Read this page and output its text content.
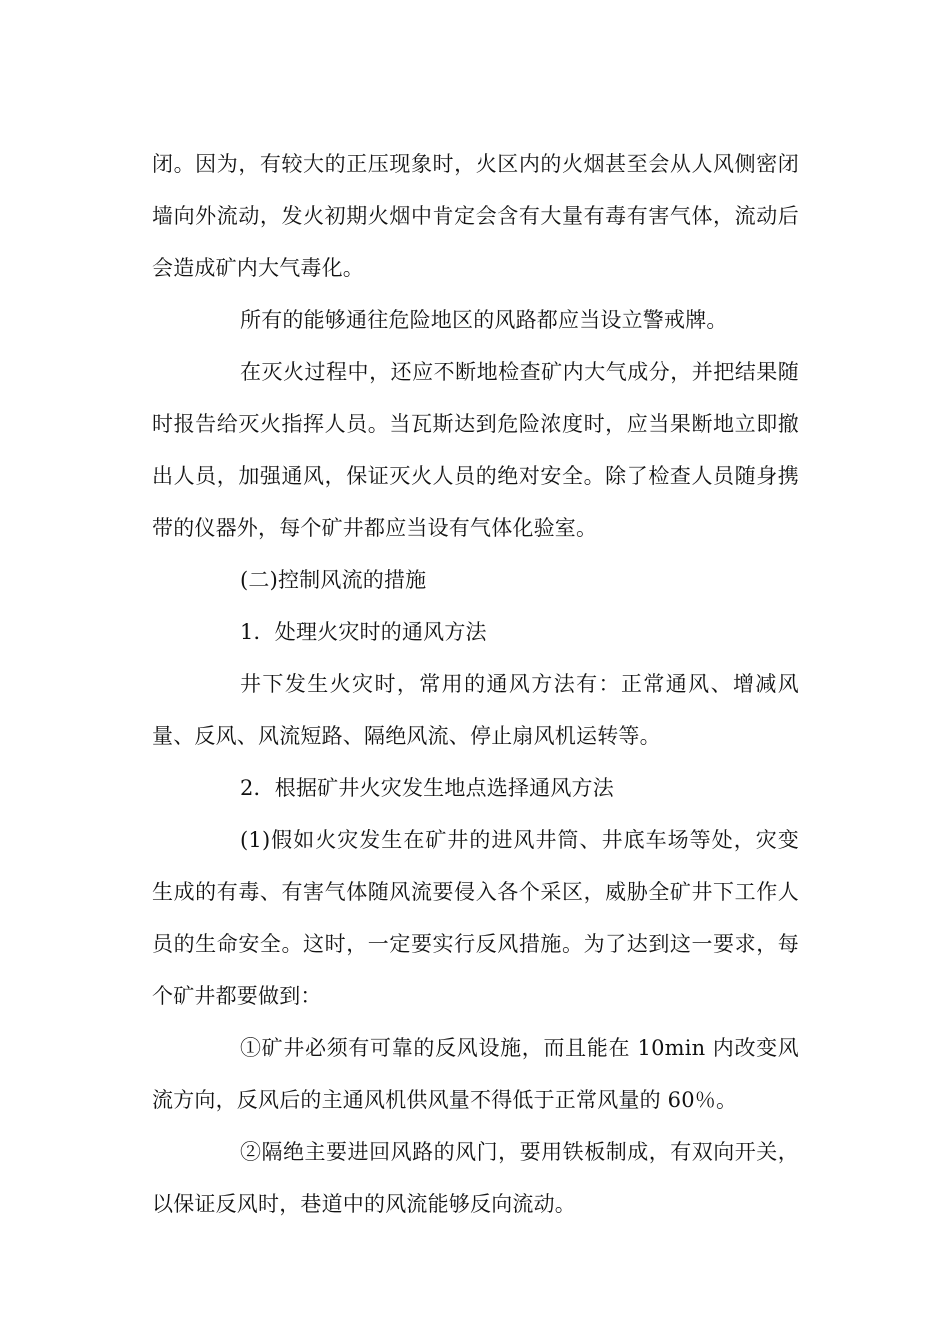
闭。因为，有较大的正压现象时，火区内的火烟甚至会从人风侧密闭墙向外流动，发火初期火烟中肯定会含有大量有毒有害气体，流动后会造成矿内大气毒化。

所有的能够通往危险地区的风路都应当设立警戒牌。

在灭火过程中，还应不断地检查矿内大气成分，并把结果随时报告给灭火指挥人员。当瓦斯达到危险浓度时，应当果断地立即撤出人员，加强通风，保证灭火人员的绝对安全。除了检查人员随身携带的仪器外，每个矿井都应当设有气体化验室。

(二)控制风流的措施

1．处理火灾时的通风方法

井下发生火灾时，常用的通风方法有：正常通风、增减风量、反风、风流短路、隔绝风流、停止扇风机运转等。

2．根据矿井火灾发生地点选择通风方法

(1)假如火灾发生在矿井的进风井筒、井底车场等处，灾变生成的有毒、有害气体随风流要侵入各个采区，威胁全矿井下工作人员的生命安全。这时，一定要实行反风措施。为了达到这一要求，每个矿井都要做到：

①矿井必须有可靠的反风设施，而且能在 10min 内改变风流方向，反风后的主通风机供风量不得低于正常风量的 60％。

②隔绝主要进回风路的风门，要用铁板制成，有双向开关，以保证反风时，巷道中的风流能够反向流动。
